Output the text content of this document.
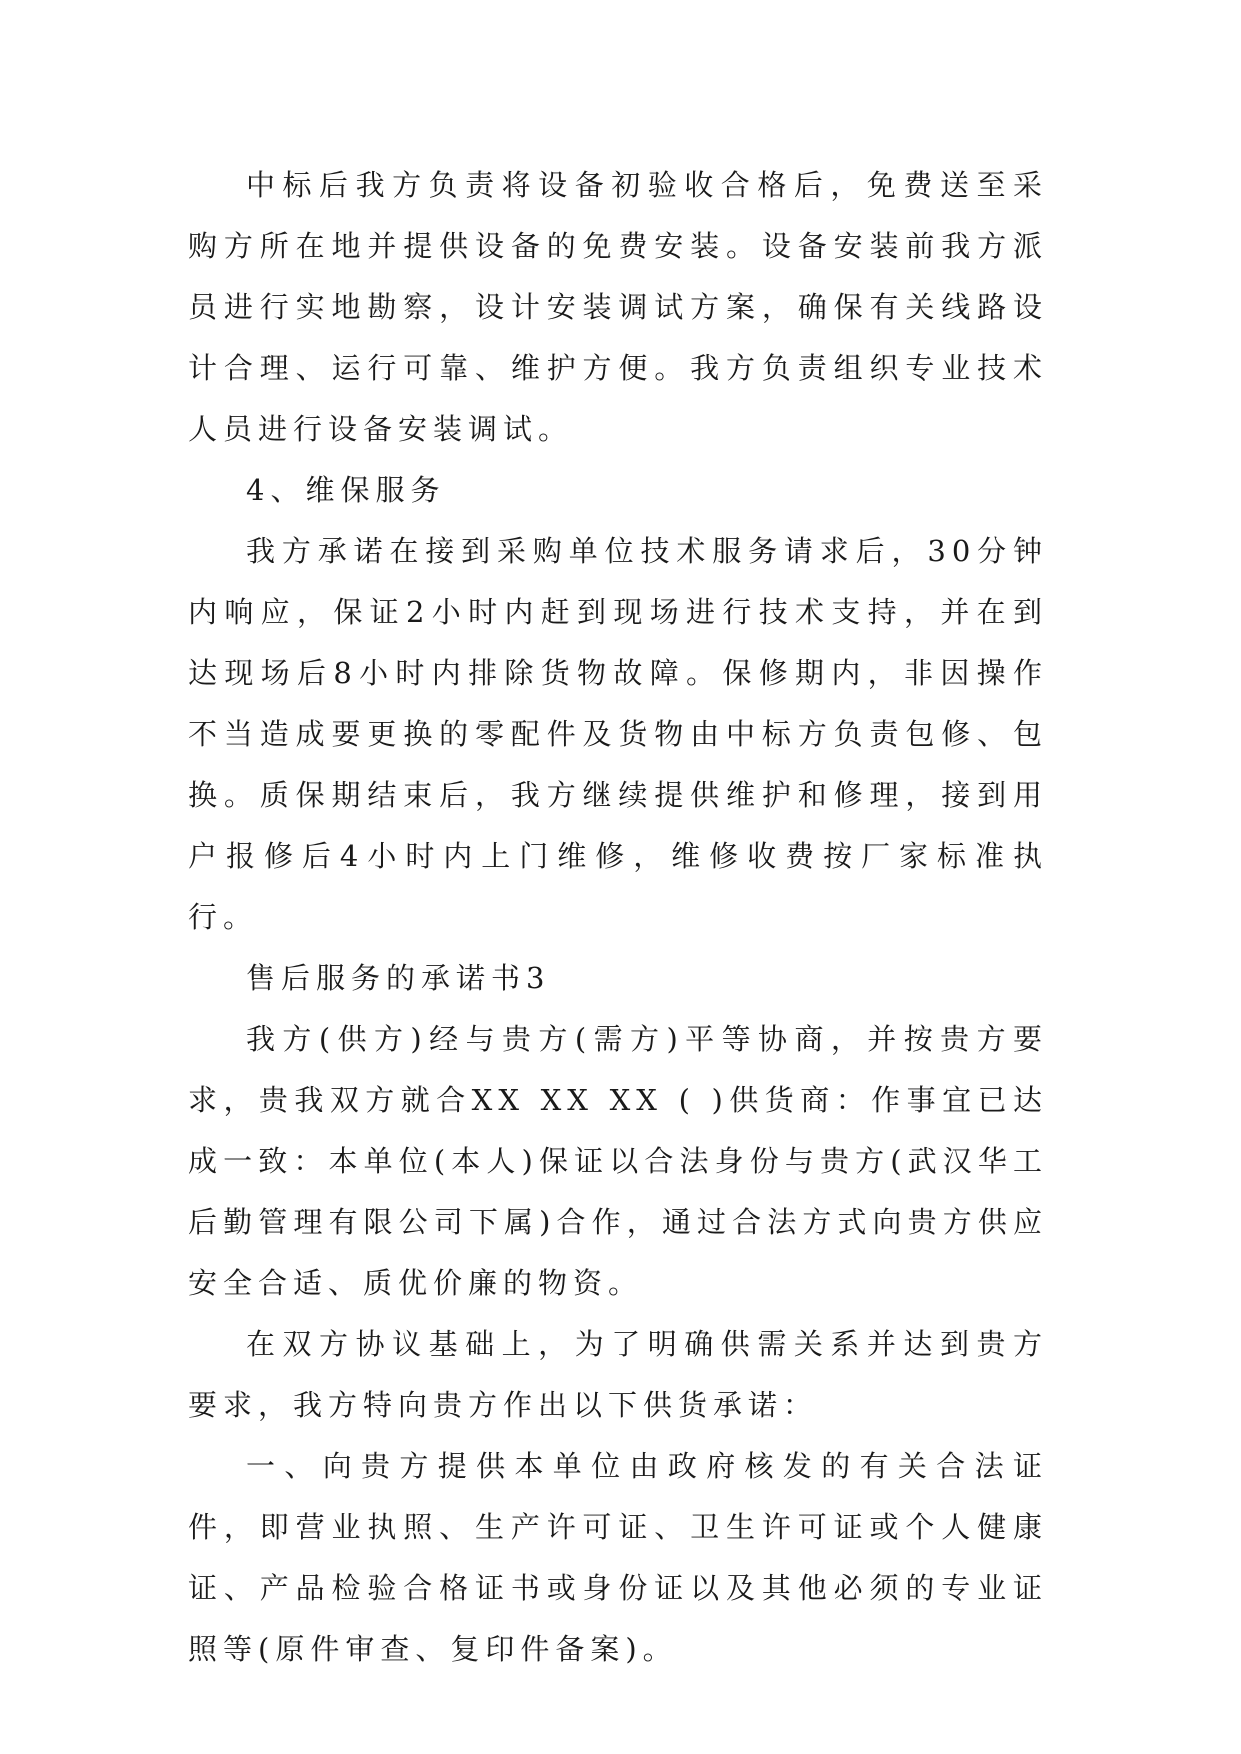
中标后我方负责将设备初验收合格后，免费送至采购方所在地并提供设备的免费安装。设备安装前我方派员进行实地勘察，设计安装调试方案，确保有关线路设计合理、运行可靠、维护方便。我方负责组织专业技术人员进行设备安装调试。

4、维保服务

我方承诺在接到采购单位技术服务请求后，30分钟内响应，保证2小时内赶到现场进行技术支持，并在到达现场后8小时内排除货物故障。保修期内，非因操作不当造成要更换的零配件及货物由中标方负责包修、包换。质保期结束后，我方继续提供维护和修理，接到用户报修后4小时内上门维修，维修收费按厂家标准执行。

售后服务的承诺书3

我方(供方)经与贵方(需方)平等协商，并按贵方要求，贵我双方就合XX XX XX ( )供货商：作事宜已达成一致：本单位(本人)保证以合法身份与贵方(武汉华工后勤管理有限公司下属)合作，通过合法方式向贵方供应安全合适、质优价廉的物资。

在双方协议基础上，为了明确供需关系并达到贵方要求，我方特向贵方作出以下供货承诺：

一、向贵方提供本单位由政府核发的有关合法证件，即营业执照、生产许可证、卫生许可证或个人健康证、产品检验合格证书或身份证以及其他必须的专业证照等(原件审查、复印件备案)。
